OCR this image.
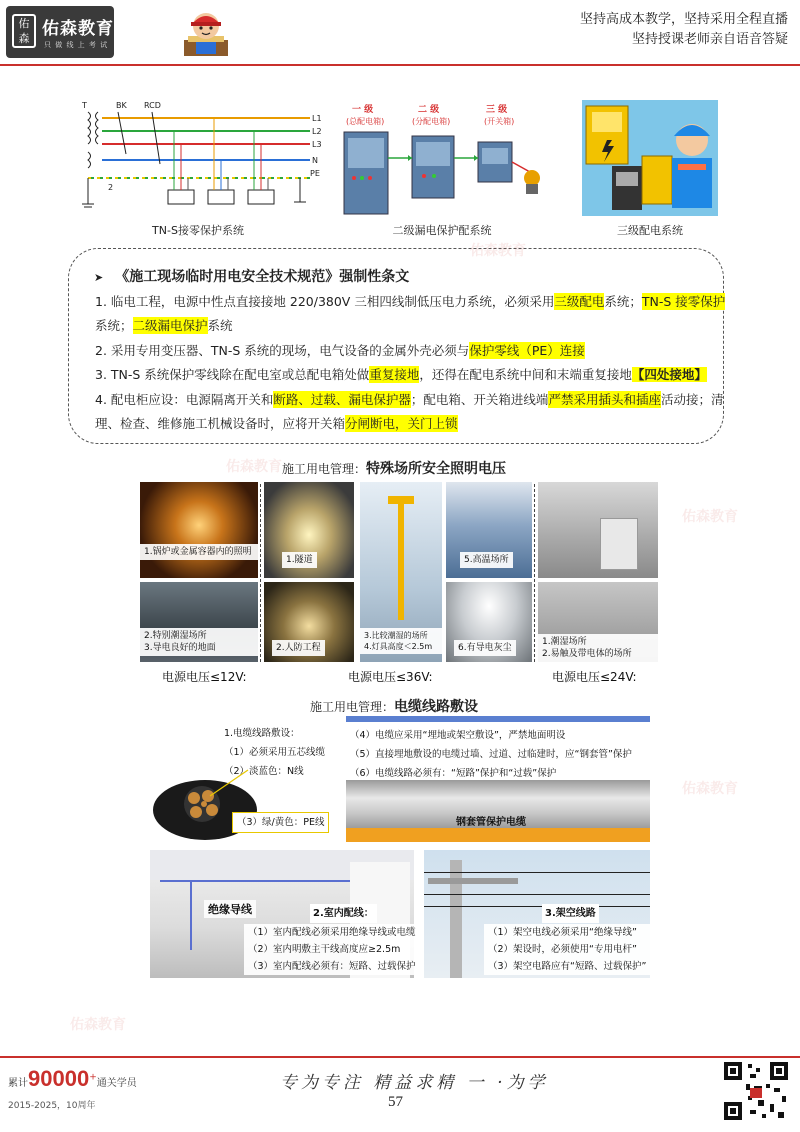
佑森 佑森教育
只 做 线 上 考 试
坚持高成本教学，坚持采用全程直播
坚持授课老师亲自语音答疑
T	BK RCD
L1
L2
L3
N
PE
2
TN-S接零保护系统
一 级
(总配电箱)
二 级
(分配电箱)
三 级
(开关箱)
二级漏电保护配系统	三级配电系统
➤ 《施工现场临时用电安全技术规范》强制性条文
1. 临电工程，电源中性点直接接地 220/380V 三相四线制低压电力系统，必须采用三级配电系统；TN-S 接零保护
系统；二级漏电保护系统
2. 采用专用变压器、TN-S 系统的现场，电气设备的金属外壳必须与保护零线（PE）连接
3. TN-S 系统保护零线除在配电室或总配电箱处做重复接地，还得在配电系统中间和末端重复接地【四处接地】
4. 配电柜应设：电源隔离开关和断路、过载、漏电保护器；配电箱、开关箱进线端严禁采用插头和插座活动接；清
理、检查、维修施工机械设备时，应将开关箱分闸断电，关门上锁
施工用电管理：特殊场所安全照明电压
1.锅炉或金属容器内的照明
1.隧道	5.高温场所
2.特别潮湿场所
3.导电良好的地面	2.人防工程
3.比较潮湿的场所
4.灯具高度＜2.5m	6.有导电灰尘
1.潮湿场所
2.易触及带电体的场所
电源电压≤12V:	电源电压≤36V:	电源电压≤24V:
施工用电管理：电缆线路敷设
1.电缆线路敷设：
（1）必须采用五芯线缆
（2）淡蓝色：N线
（3）绿/黄色：PE线
（4）电缆应采用“埋地或架空敷设”，严禁地面明设
（5）直接埋地敷设的电缆过墙、过道、过临建时，应“钢套管”保护
（6）电缆线路必须有：“短路”保护和“过载”保护
钢套管保护电缆
绝缘导线	2.室内配线：
（1）室内配线必须采用绝缘导线或电缆
（2）室内明敷主干线高度应≥2.5m
（3）室内配线必须有：短路、过载保护
3.架空线路
（1）架空电线必须采用“绝缘导线”
（2）架设时，必须使用“专用电杆”
（3）架空电路应有“短路、过载保护”
佑森教育
佑森教育
佑森教育
佑森教育
佑森教育
累计90000+通关学员
2015-2025，10周年
专为专注 精益求精 一 ·为学
57
